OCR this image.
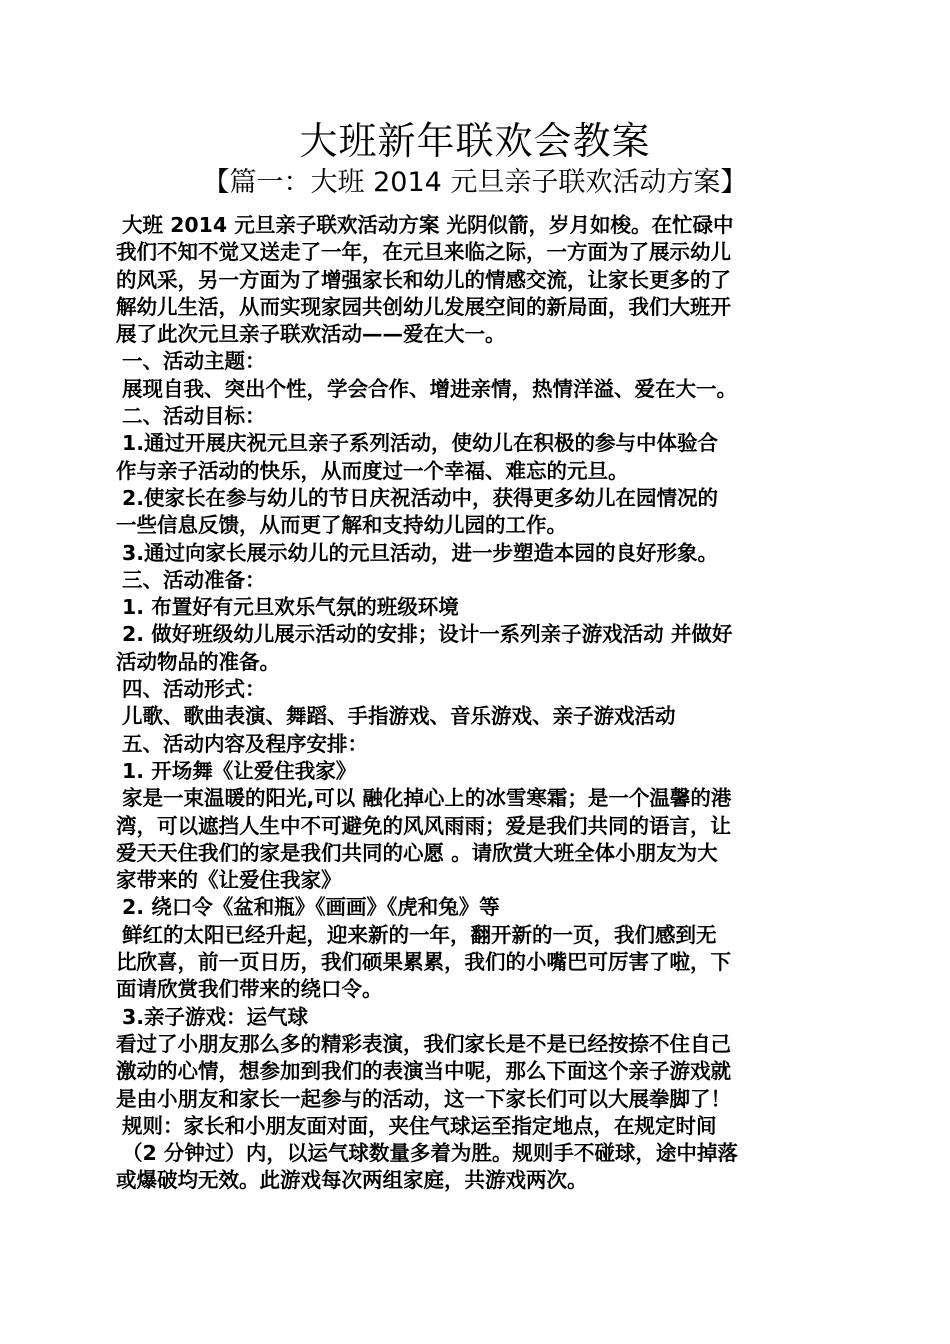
大班新年联欢会教案
【篇一：大班 2014 元旦亲子联欢活动方案】
大班 2014 元旦亲子联欢活动方案 光阴似箭，岁月如梭。在忙碌中
我们不知不觉又送走了一年，在元旦来临之际，一方面为了展示幼儿
的风采，另一方面为了增强家长和幼儿的情感交流，让家长更多的了
解幼儿生活，从而实现家园共创幼儿发展空间的新局面，我们大班开
展了此次元旦亲子联欢活动——爱在大一。
一、活动主题：
展现自我、突出个性，学会合作、增进亲情，热情洋溢、爱在大一。
二、活动目标：
1.通过开展庆祝元旦亲子系列活动，使幼儿在积极的参与中体验合
作与亲子活动的快乐，从而度过一个幸福、难忘的元旦。
2.使家长在参与幼儿的节日庆祝活动中，获得更多幼儿在园情况的
一些信息反馈，从而更了解和支持幼儿园的工作。
3.通过向家长展示幼儿的元旦活动，进一步塑造本园的良好形象。
三、活动准备：
1. 布置好有元旦欢乐气氛的班级环境
2. 做好班级幼儿展示活动的安排；设计一系列亲子游戏活动 并做好
活动物品的准备。
四、活动形式：
儿歌、歌曲表演、舞蹈、手指游戏、音乐游戏、亲子游戏活动
五、活动内容及程序安排：
1. 开场舞《让爱住我家》
家是一束温暖的阳光,可以 融化掉心上的冰雪寒霜；是一个温馨的港
湾，可以遮挡人生中不可避免的风风雨雨；爱是我们共同的语言，让
爱天天住我们的家是我们共同的心愿 。请欣赏大班全体小朋友为大
家带来的《让爱住我家》
2. 绕口令《盆和瓶》《画画》《虎和兔》等
鲜红的太阳已经升起，迎来新的一年，翻开新的一页，我们感到无
比欣喜，前一页日历，我们硕果累累，我们的小嘴巴可厉害了啦，下
面请欣赏我们带来的绕口令。
3.亲子游戏：运气球
看过了小朋友那么多的精彩表演，我们家长是不是已经按捺不住自己
激动的心情，想参加到我们的表演当中呢，那么下面这个亲子游戏就
是由小朋友和家长一起参与的活动，这一下家长们可以大展拳脚了！
规则：家长和小朋友面对面，夹住气球运至指定地点，在规定时间
（2 分钟过）内，以运气球数量多着为胜。规则手不碰球，途中掉落
或爆破均无效。此游戏每次两组家庭，共游戏两次。
